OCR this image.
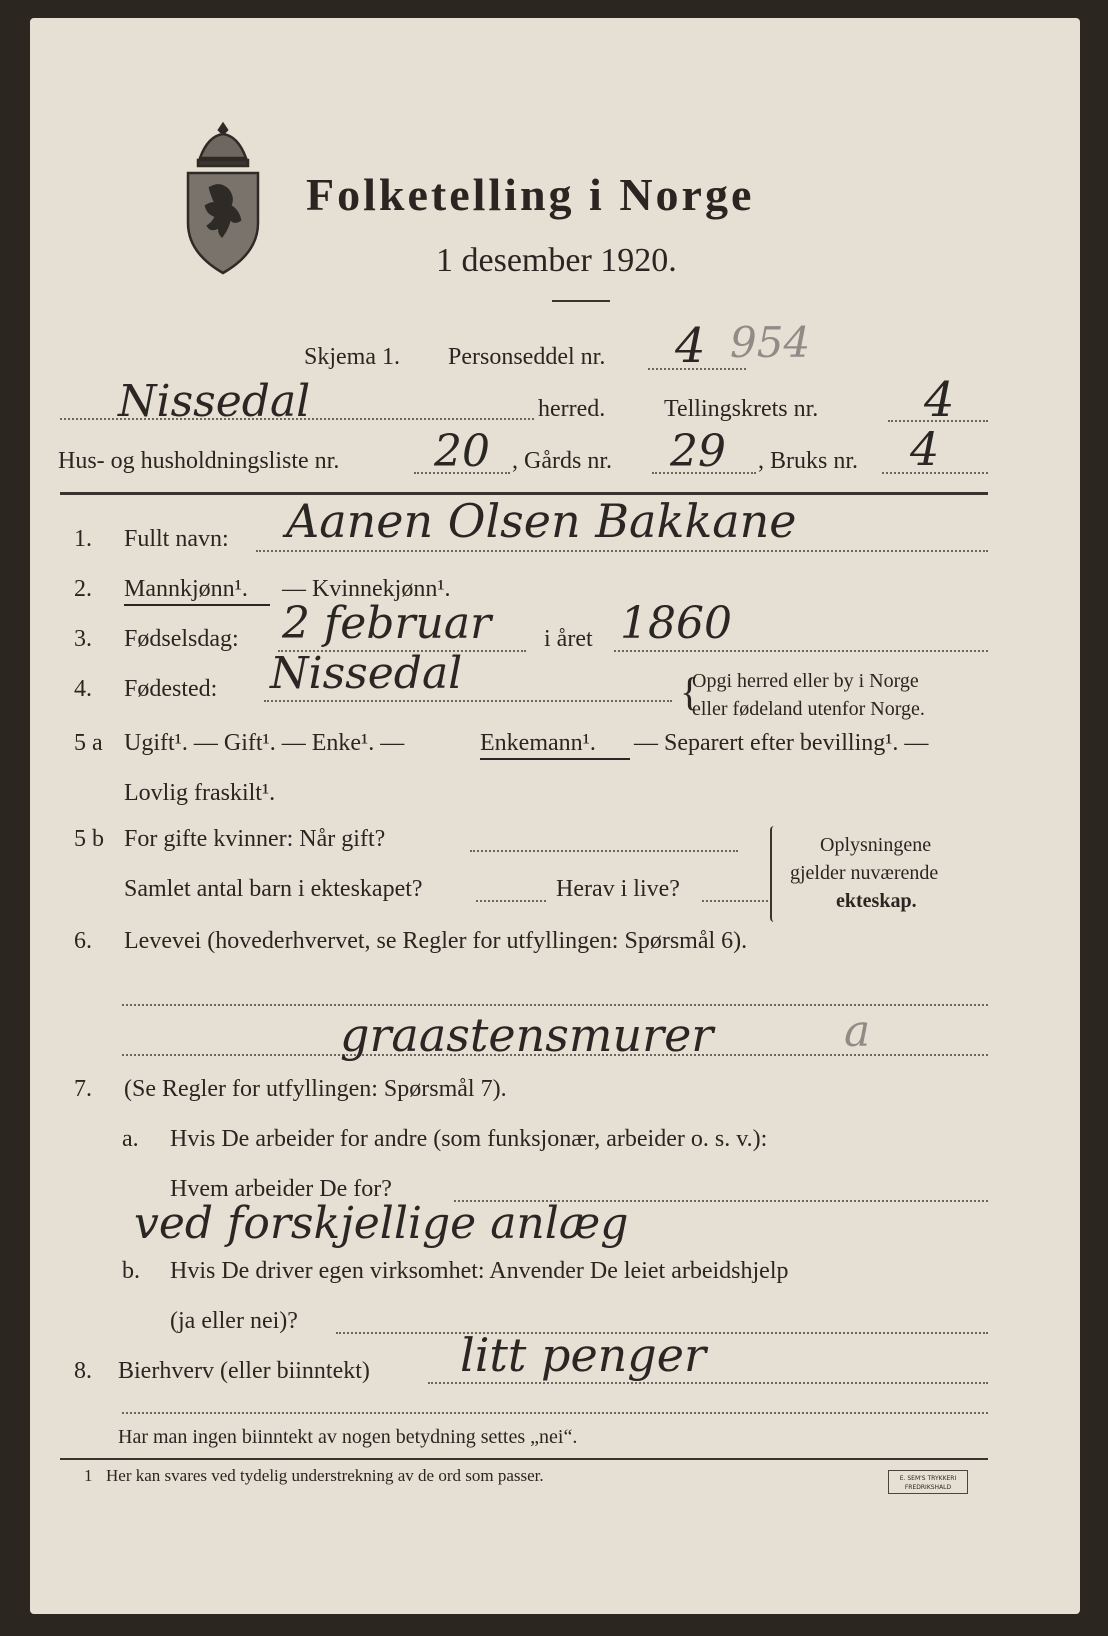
Folketelling i Norge
1 desember 1920.
Skjema 1. Personseddel nr. 4 954
Nissedal	herred. Tellingskrets nr. 4
Hus- og husholdningsliste nr. 20 , Gårds nr. 29 , Bruks nr. 4
1. Fullt navn: Aanen Olsen Bakkane
2. Mannkjønn¹. — Kvinnekjønn¹.
3. Fødselsdag: 2 februar i året 1860
4. Fødested: Nissedal	{
Opgi herred eller by i Norge
eller fødeland utenfor Norge.
5 a Ugift¹. — Gift¹. — Enke¹. —	Enkemann¹. — Separert efter bevilling¹. —
Lovlig fraskilt¹.
5 b For gifte kvinner: Når gift?
Samlet antal barn i ekteskapet?	Herav i live?
Oplysningene
gjelder nuværende
ekteskap.
6. Levevei (hovederhvervet, se Regler for utfyllingen: Spørsmål 6).
graastensmurer	a
7. (Se Regler for utfyllingen: Spørsmål 7).
a. Hvis De arbeider for andre (som funksjonær, arbeider o. s. v.):
Hvem arbeider De for?
ved forskjellige anlæg
b. Hvis De driver egen virksomhet: Anvender De leiet arbeidshjelp
(ja eller nei)?
8. Bierhverv (eller biinntekt) litt penger
Har man ingen biinntekt av nogen betydning settes „nei“.
1 Her kan svares ved tydelig understrekning av de ord som passer.	E. SEM'S TRYKKERI
FREDRIKSHALD
